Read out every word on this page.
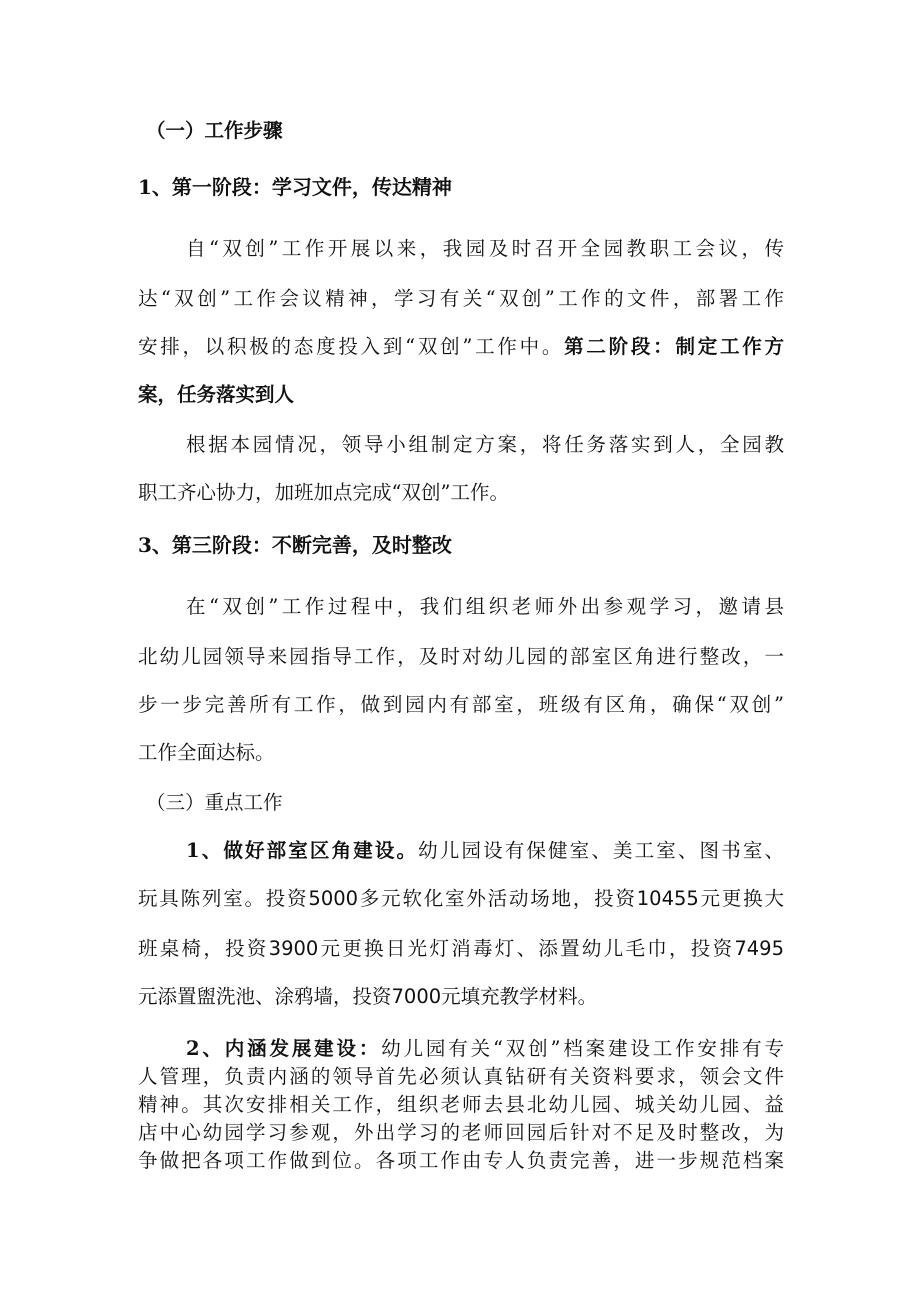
（一）工作步骤
1、第一阶段：学习文件，传达精神
自“双创”工作开展以来，我园及时召开全园教职工会议，传
达“双创”工作会议精神，学习有关“双创”工作的文件，部署工作
安排，以积极的态度投入到“双创”工作中。第二阶段：制定工作方
案，任务落实到人
根据本园情况，领导小组制定方案，将任务落实到人，全园教
职工齐心协力，加班加点完成“双创”工作。
3、第三阶段：不断完善，及时整改
在“双创”工作过程中，我们组织老师外出参观学习，邀请县
北幼儿园领导来园指导工作，及时对幼儿园的部室区角进行整改，一
步一步完善所有工作，做到园内有部室，班级有区角，确保“双创”
工作全面达标。
（三）重点工作
1、做好部室区角建设。幼儿园设有保健室、美工室、图书室、
玩具陈列室。投资5000多元软化室外活动场地，投资10455元更换大
班桌椅，投资3900元更换日光灯消毒灯、添置幼儿毛巾，投资7495
元添置盥洗池、涂鸦墙，投资7000元填充教学材料。
2、内涵发展建设：幼儿园有关“双创”档案建设工作安排有专
人管理，负责内涵的领导首先必须认真钻研有关资料要求，领会文件
精神。其次安排相关工作，组织老师去县北幼儿园、城关幼儿园、益
店中心幼园学习参观，外出学习的老师回园后针对不足及时整改，为
争做把各项工作做到位。各项工作由专人负责完善，进一步规范档案
